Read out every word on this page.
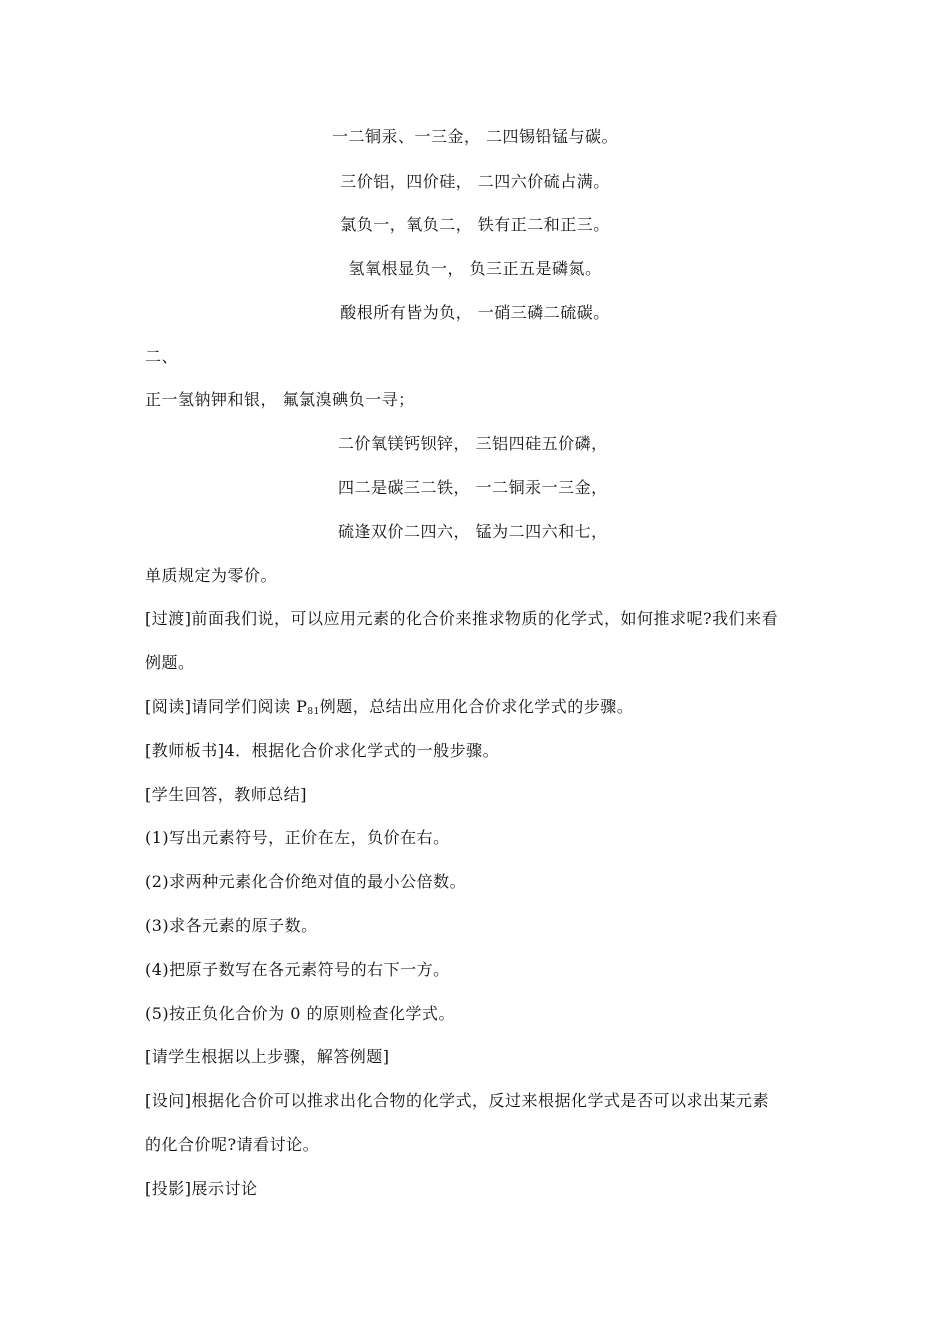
一二铜汞、一三金， 二四锡铅锰与碳。
三价铝，四价硅， 二四六价硫占满。
氯负一，氧负二， 铁有正二和正三。
氢氧根显负一， 负三正五是磷氮。
酸根所有皆为负， 一硝三磷二硫碳。
二、
正一氢钠钾和银， 氟氯溴碘负一寻；
二价氧镁钙钡锌， 三铝四硅五价磷，
四二是碳三二铁， 一二铜汞一三金，
硫逢双价二四六， 锰为二四六和七，
单质规定为零价。
[过渡]前面我们说，可以应用元素的化合价来推求物质的化学式，如何推求呢?我们来看
例题。
[阅读]请同学们阅读 $P_{81}$例题，总结出应用化合价求化学式的步骤。
[教师板书]4．根据化合价求化学式的一般步骤。
[学生回答，教师总结]
(1)写出元素符号，正价在左，负价在右。
(2)求两种元素化合价绝对值的最小公倍数。
(3)求各元素的原子数。
(4)把原子数写在各元素符号的右下一方。
(5)按正负化合价为 0 的原则检查化学式。
[请学生根据以上步骤，解答例题]
[设问]根据化合价可以推求出化合物的化学式，反过来根据化学式是否可以求出某元素
的化合价呢?请看讨论。
[投影]展示讨论
